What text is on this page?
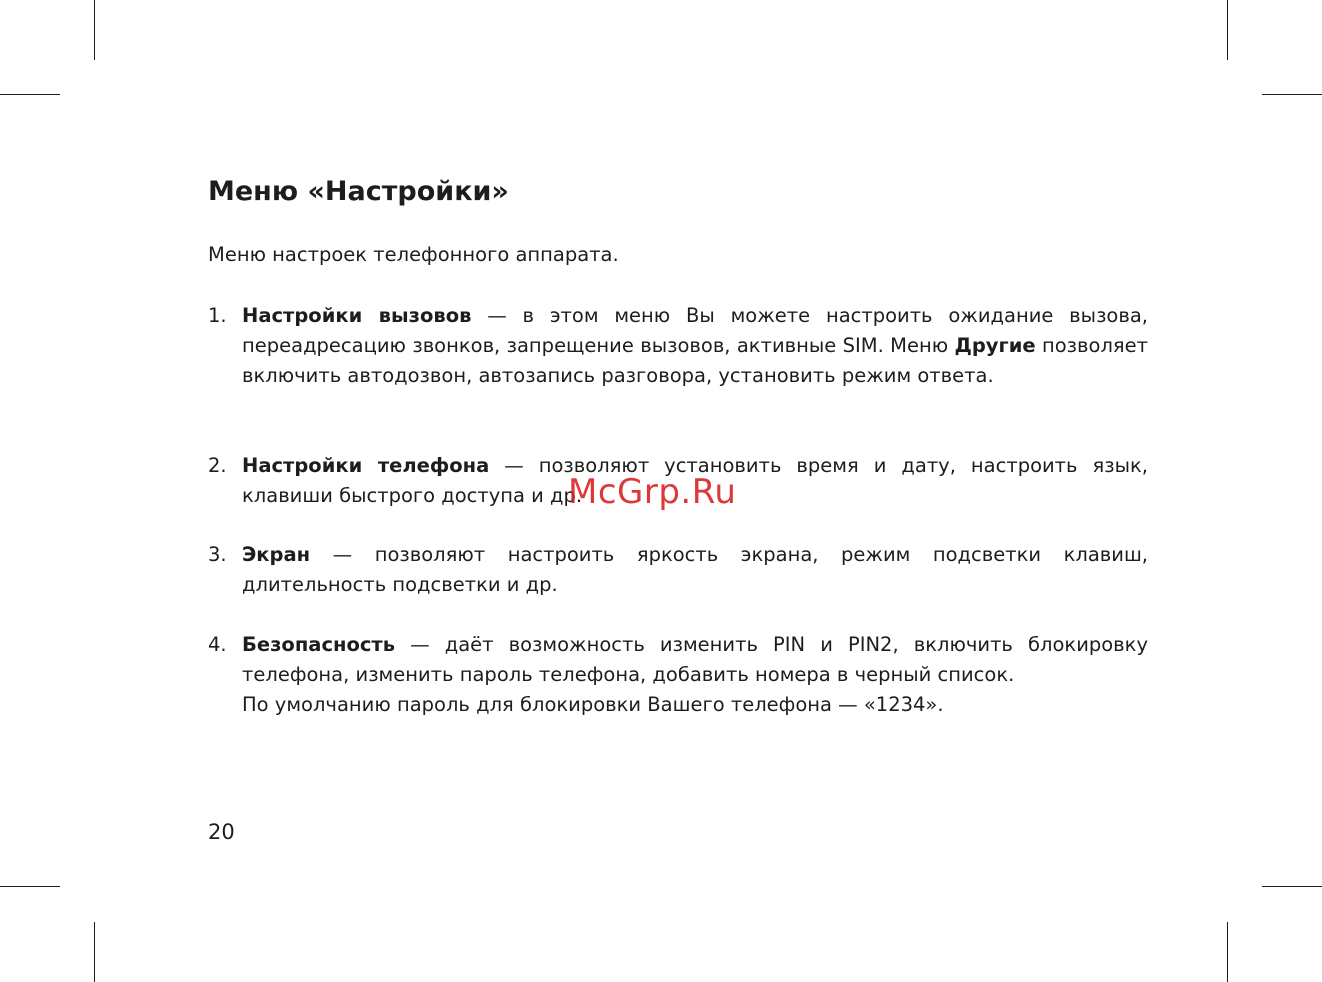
Меню «Настройки»

Меню настроек телефонного аппарата.

1. Настройки вызовов — в этом меню Вы можете настроить ожидание вызова, переадресацию звонков, запрещение вызовов, активные SIM. Меню Другие позволяет включить автодозвон, автозапись разговора, установить режим ответа.
2. Настройки телефона — позволяют установить время и дату, настроить язык, клавиши быстрого доступа и др.
3. Экран — позволяют настроить яркость экрана, режим подсветки клавиш, длительность подсветки и др.
4. Безопасность — даёт возможность изменить PIN и PIN2, включить блокировку телефона, изменить пароль телефона, добавить номера в черный список.
По умолчанию пароль для блокировки Вашего телефона — «1234».
20
McGrp.Ru
